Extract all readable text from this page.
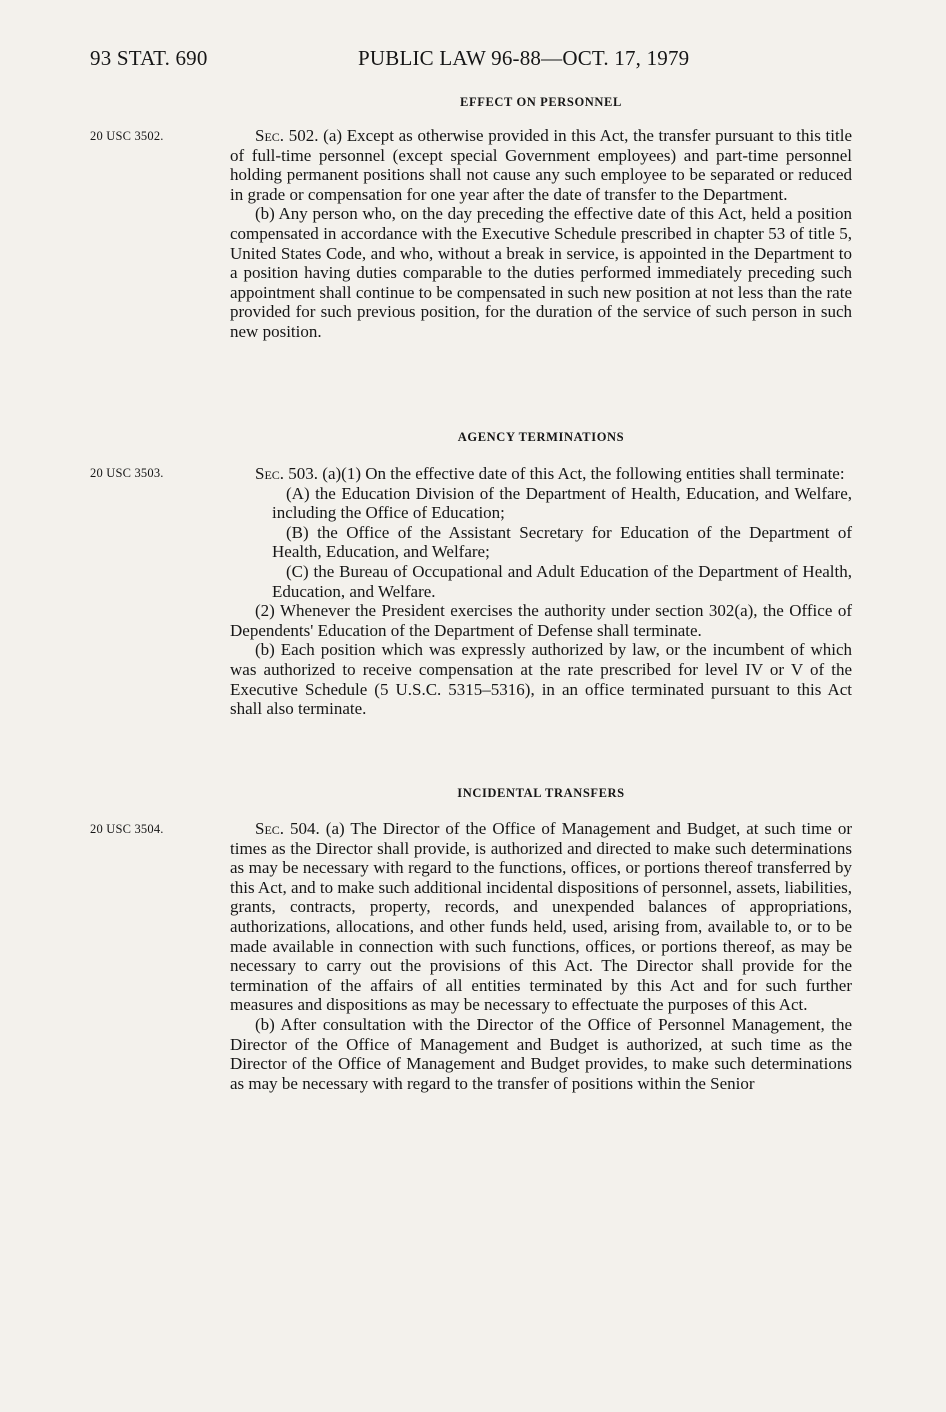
93 STAT. 690	PUBLIC LAW 96-88—OCT. 17, 1979
EFFECT ON PERSONNEL
20 USC 3502.	Sec. 502. (a) Except as otherwise provided in this Act, the transfer pursuant to this title of full-time personnel (except special Government employees) and part-time personnel holding permanent positions shall not cause any such employee to be separated or reduced in grade or compensation for one year after the date of transfer to the Department.

(b) Any person who, on the day preceding the effective date of this Act, held a position compensated in accordance with the Executive Schedule prescribed in chapter 53 of title 5, United States Code, and who, without a break in service, is appointed in the Department to a position having duties comparable to the duties performed immediately preceding such appointment shall continue to be compensated in such new position at not less than the rate provided for such previous position, for the duration of the service of such person in such new position.

AGENCY TERMINATIONS
20 USC 3503.	Sec. 503. (a)(1) On the effective date of this Act, the following entities shall terminate:

(A) the Education Division of the Department of Health, Education, and Welfare, including the Office of Education;

(B) the Office of the Assistant Secretary for Education of the Department of Health, Education, and Welfare;

(C) the Bureau of Occupational and Adult Education of the Department of Health, Education, and Welfare.

(2) Whenever the President exercises the authority under section 302(a), the Office of Dependents' Education of the Department of Defense shall terminate.

(b) Each position which was expressly authorized by law, or the incumbent of which was authorized to receive compensation at the rate prescribed for level IV or V of the Executive Schedule (5 U.S.C. 5315–5316), in an office terminated pursuant to this Act shall also terminate.

INCIDENTAL TRANSFERS
20 USC 3504.	Sec. 504. (a) The Director of the Office of Management and Budget, at such time or times as the Director shall provide, is authorized and directed to make such determinations as may be necessary with regard to the functions, offices, or portions thereof transferred by this Act, and to make such additional incidental dispositions of personnel, assets, liabilities, grants, contracts, property, records, and unexpended balances of appropriations, authorizations, allocations, and other funds held, used, arising from, available to, or to be made available in connection with such functions, offices, or portions thereof, as may be necessary to carry out the provisions of this Act. The Director shall provide for the termination of the affairs of all entities terminated by this Act and for such further measures and dispositions as may be necessary to effectuate the purposes of this Act.

(b) After consultation with the Director of the Office of Personnel Management, the Director of the Office of Management and Budget is authorized, at such time as the Director of the Office of Management and Budget provides, to make such determinations as may be necessary with regard to the transfer of positions within the Senior
